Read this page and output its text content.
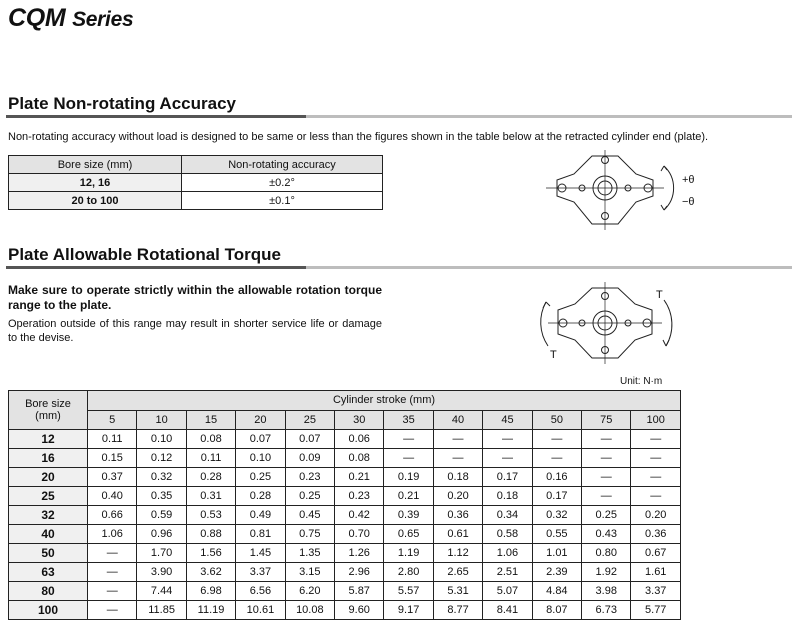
CQM Series
Plate Non-rotating Accuracy
Non-rotating accuracy without load is designed to be same or less than the figures shown in the table below at the retracted cylinder end (plate).
Bore size (mm)	Non-rotating accuracy
12, 16	±0.2°
20 to 100	±0.1°
+θ
−θ
Plate Allowable Rotational Torque
Make sure to operate strictly within the allowable rotation torque range to the plate.
Operation outside of this range may result in shorter service life or damage to the devise.
T
T
Unit: N·m
Bore size
(mm)	Cylinder stroke (mm)											
	5	10	15	20	25	30	35	40	45	50	75	100
12	0.11	0.10	0.08	0.07	0.07	0.06	—	—	—	—	—	—
16	0.15	0.12	0.11	0.10	0.09	0.08	—	—	—	—	—	—
20	0.37	0.32	0.28	0.25	0.23	0.21	0.19	0.18	0.17	0.16	—	—
25	0.40	0.35	0.31	0.28	0.25	0.23	0.21	0.20	0.18	0.17	—	—
32	0.66	0.59	0.53	0.49	0.45	0.42	0.39	0.36	0.34	0.32	0.25	0.20
40	1.06	0.96	0.88	0.81	0.75	0.70	0.65	0.61	0.58	0.55	0.43	0.36
50	—	1.70	1.56	1.45	1.35	1.26	1.19	1.12	1.06	1.01	0.80	0.67
63	—	3.90	3.62	3.37	3.15	2.96	2.80	2.65	2.51	2.39	1.92	1.61
80	—	7.44	6.98	6.56	6.20	5.87	5.57	5.31	5.07	4.84	3.98	3.37
100	—	11.85	11.19	10.61	10.08	9.60	9.17	8.77	8.41	8.07	6.73	5.77
